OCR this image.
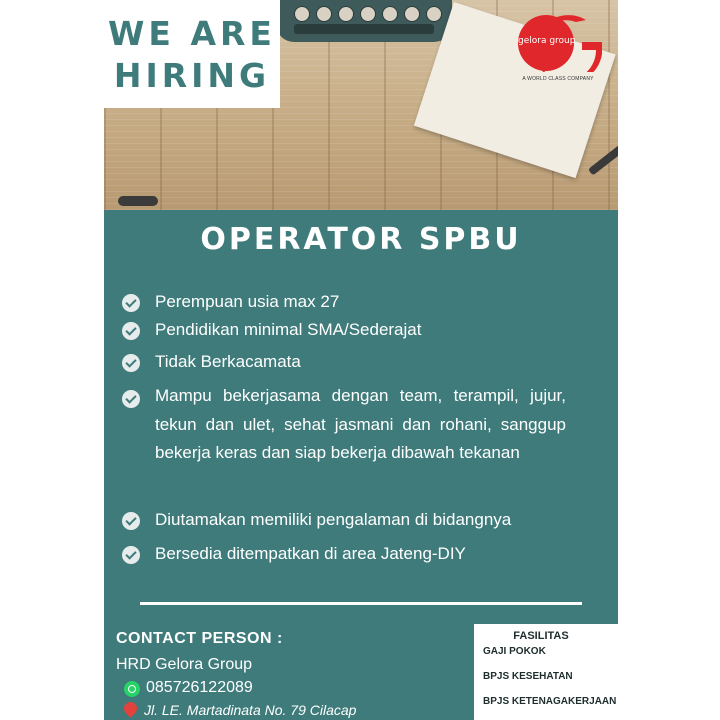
WE ARE
HIRING
gelora group
A WORLD CLASS COMPANY
OPERATOR SPBU
Perempuan usia max 27
Pendidikan minimal SMA/Sederajat
Tidak Berkacamata
Mampu bekerjasama dengan team, terampil, jujur, tekun dan ulet, sehat jasmani dan rohani, sanggup bekerja keras dan siap bekerja dibawah tekanan
Diutamakan memiliki pengalaman di bidangnya
Bersedia ditempatkan di area Jateng-DIY
CONTACT PERSON :
HRD Gelora Group
085726122089
Jl. LE. Martadinata No. 79 Cilacap
FASILITAS
GAJI POKOK
BPJS KESEHATAN
BPJS KETENAGAKERJAAN
